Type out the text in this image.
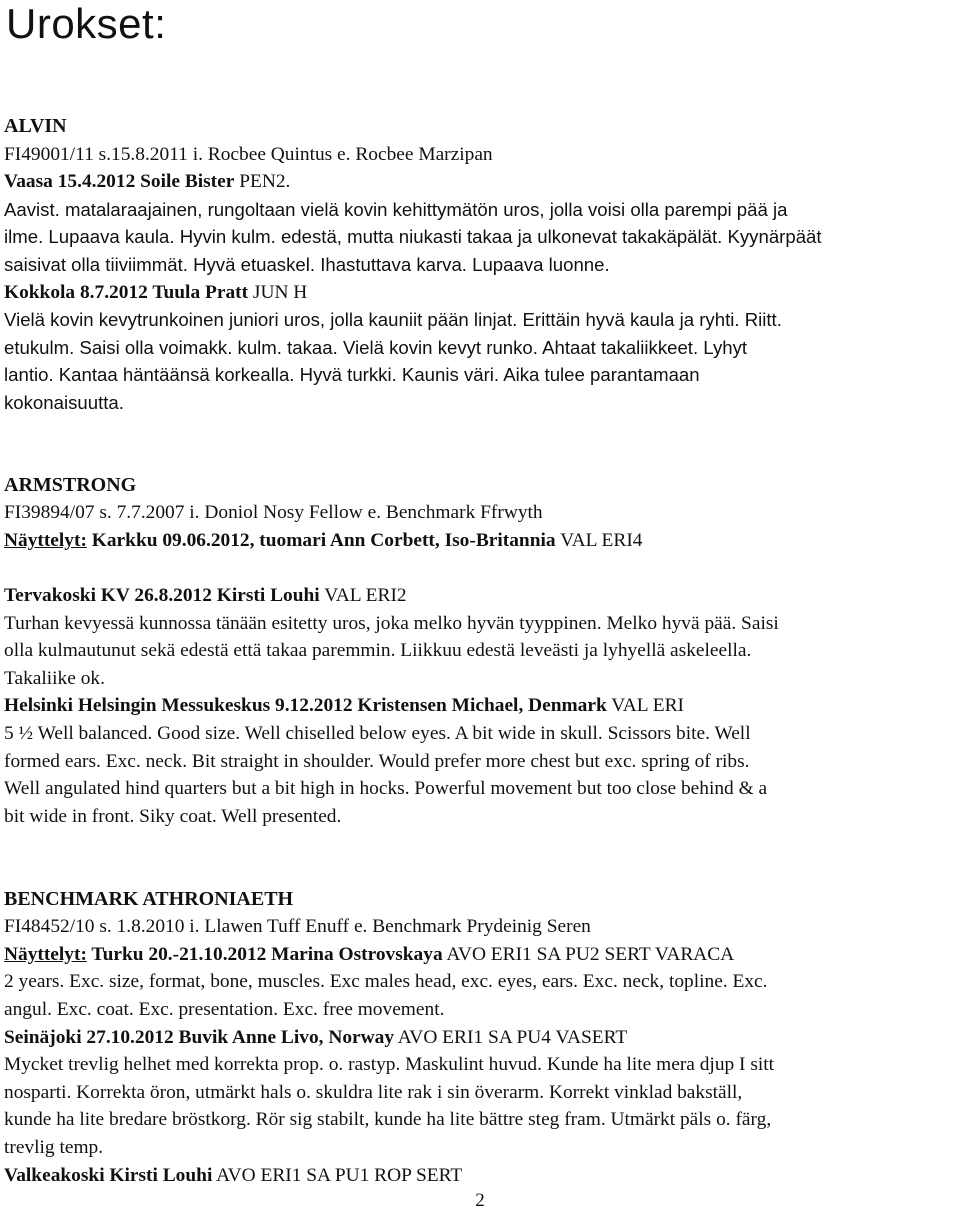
Urokset:
ALVIN
FI49001/11 s.15.8.2011 i. Rocbee Quintus e. Rocbee Marzipan
Vaasa 15.4.2012 Soile Bister PEN2.
Aavist. matalaraajainen, rungoltaan vielä kovin kehittymätön uros, jolla voisi olla parempi pää ja
ilme. Lupaava kaula. Hyvin kulm. edestä, mutta niukasti takaa ja ulkonevat takakäpälät. Kyynärpäät
saisivat olla tiiviimmät. Hyvä etuaskel. Ihastuttava karva. Lupaava luonne.
Kokkola 8.7.2012 Tuula Pratt JUN H
Vielä kovin kevytrunkoinen juniori uros, jolla kauniit pään linjat. Erittäin hyvä kaula ja ryhti. Riitt.
etukulm. Saisi olla voimakk. kulm. takaa. Vielä kovin kevyt runko. Ahtaat takaliikkeet. Lyhyt
lantio. Kantaa häntäänsä korkealla. Hyvä turkki. Kaunis väri. Aika tulee parantamaan
kokonaisuutta.
ARMSTRONG
FI39894/07 s. 7.7.2007 i. Doniol Nosy Fellow e. Benchmark Ffrwyth
Näyttelyt: Karkku 09.06.2012, tuomari Ann Corbett, Iso-Britannia VAL ERI4
Tervakoski KV 26.8.2012 Kirsti Louhi VAL ERI2
Turhan kevyessä kunnossa tänään esitetty uros, joka melko hyvän tyyppinen. Melko hyvä pää. Saisi
olla kulmautunut sekä edestä että takaa paremmin. Liikkuu edestä leveästi ja lyhyellä askeleella.
Takaliike ok.
Helsinki Helsingin Messukeskus 9.12.2012 Kristensen Michael, Denmark VAL ERI
5 ½ Well balanced. Good size. Well chiselled below eyes. A bit wide in skull. Scissors bite. Well
formed ears. Exc. neck. Bit straight in shoulder. Would prefer more chest but exc. spring of ribs.
Well angulated hind quarters but a bit high in hocks. Powerful movement but too close behind & a
bit wide in front. Siky coat. Well presented.
BENCHMARK ATHRONIAETH
FI48452/10 s. 1.8.2010 i. Llawen Tuff Enuff e. Benchmark Prydeinig Seren
Näyttelyt: Turku 20.-21.10.2012 Marina Ostrovskaya AVO ERI1 SA PU2 SERT VARACA
2 years. Exc. size, format, bone, muscles. Exc males head, exc. eyes, ears. Exc. neck, topline. Exc.
angul. Exc. coat. Exc. presentation. Exc. free movement.
Seinäjoki 27.10.2012 Buvik Anne Livo, Norway AVO ERI1 SA PU4 VASERT
Mycket trevlig helhet med korrekta prop. o. rastyp. Maskulint huvud. Kunde ha lite mera djup I sitt
nosparti. Korrekta öron, utmärkt hals o. skuldra lite rak i sin överarm. Korrekt vinklad bakställ,
kunde ha lite bredare bröstkorg. Rör sig stabilt, kunde ha lite bättre steg fram. Utmärkt päls o. färg,
trevlig temp.
Valkeakoski Kirsti Louhi AVO ERI1 SA PU1 ROP SERT
2
